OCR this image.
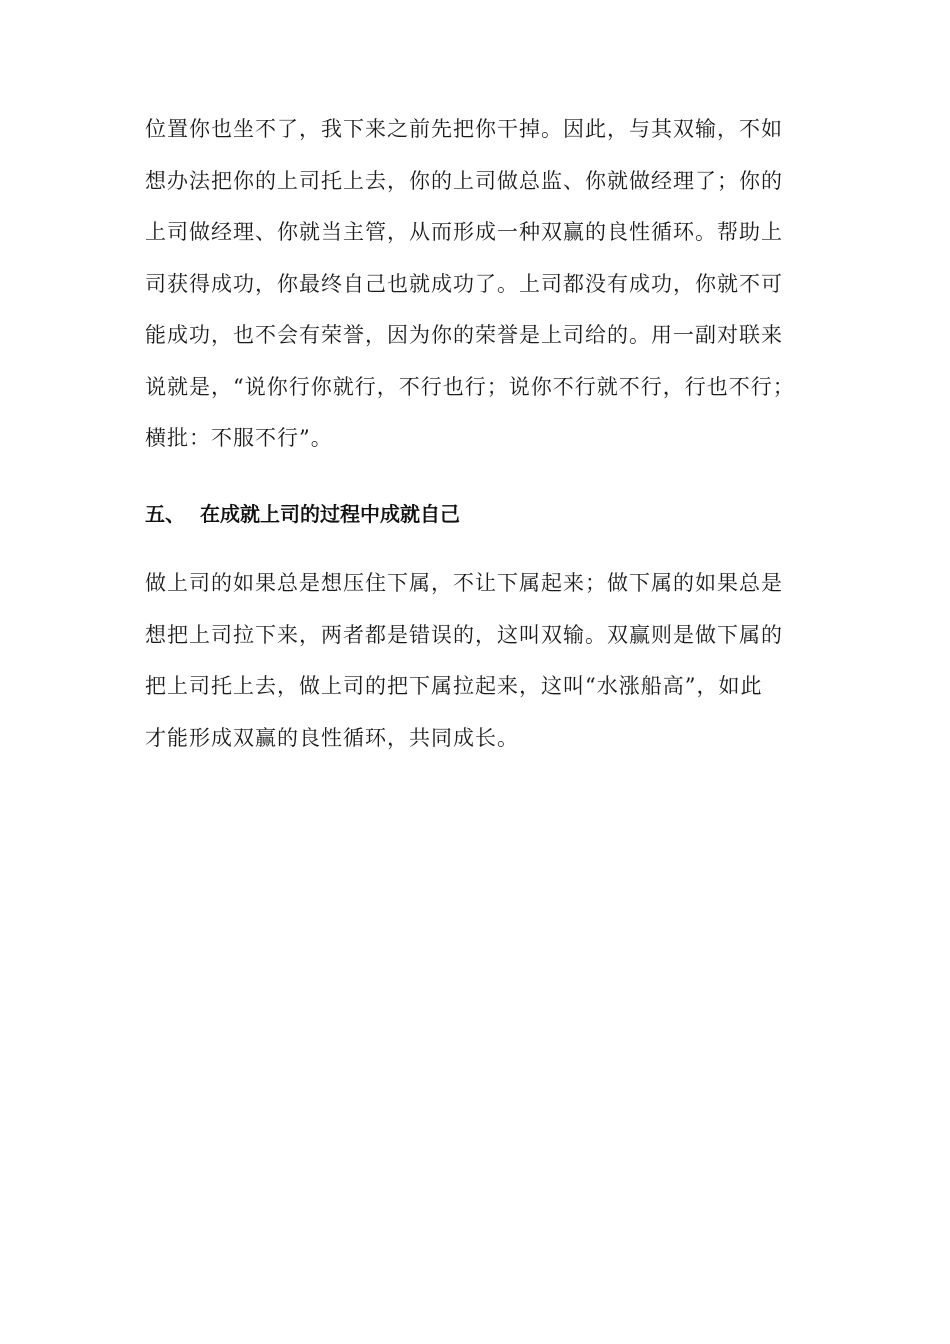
位置你也坐不了，我下来之前先把你干掉。因此，与其双输，不如
想办法把你的上司托上去，你的上司做总监、你就做经理了；你的
上司做经理、你就当主管，从而形成一种双赢的良性循环。帮助上
司获得成功，你最终自己也就成功了。上司都没有成功，你就不可
能成功，也不会有荣誉，因为你的荣誉是上司给的。用一副对联来
说就是，“说你行你就行，不行也行；说你不行就不行，行也不行；
横批：不服不行”。
五、 在成就上司的过程中成就自己
做上司的如果总是想压住下属，不让下属起来；做下属的如果总是
想把上司拉下来，两者都是错误的，这叫双输。双赢则是做下属的
把上司托上去，做上司的把下属拉起来，这叫“水涨船高”，如此
才能形成双赢的良性循环，共同成长。
